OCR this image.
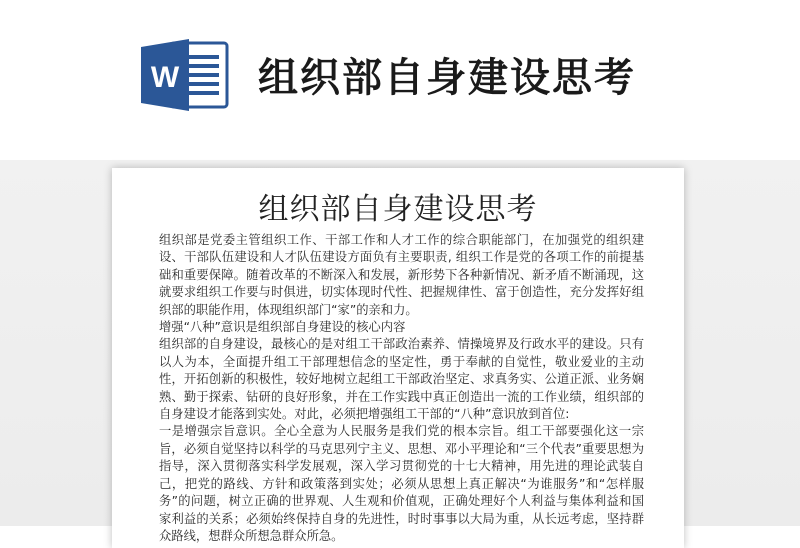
W 组织部自身建设思考
组织部自身建设思考

组织部是党委主管组织工作、干部工作和人才工作的综合职能部门，在加强党的组织建设、干部队伍建设和人才队伍建设方面负有主要职责, 组织工作是党的各项工作的前提基础和重要保障。随着改革的不断深入和发展，新形势下各种新情况、新矛盾不断涌现，这就要求组织工作要与时俱进，切实体现时代性、把握规律性、富于创造性，充分发挥好组织部的职能作用，体现组织部门“家”的亲和力。

增强“八种”意识是组织部自身建设的核心内容

组织部的自身建设，最核心的是对组工干部政治素养、情操境界及行政水平的建设。只有以人为本，全面提升组工干部理想信念的坚定性，勇于奉献的自觉性，敬业爱业的主动性，开拓创新的积极性，较好地树立起组工干部政治坚定、求真务实、公道正派、业务娴熟、勤于探索、钻研的良好形象，并在工作实践中真正创造出一流的工作业绩，组织部的自身建设才能落到实处。对此，必须把增强组工干部的“八种”意识放到首位:

一是增强宗旨意识。全心全意为人民服务是我们党的根本宗旨。组工干部要强化这一宗旨，必须自觉坚持以科学的马克思列宁主义、思想、邓小平理论和“三个代表”重要思想为指导，深入贯彻落实科学发展观，深入学习贯彻党的十七大精神，用先进的理论武装自己，把党的路线、方针和政策落到实处；必须从思想上真正解决“为谁服务”和“怎样服务”的问题，树立正确的世界观、人生观和价值观，正确处理好个人利益与集体利益和国家利益的关系；必须始终保持自身的先进性，时时事事以大局为重，从长远考虑，坚持群众路线，想群众所想急群众所急。
